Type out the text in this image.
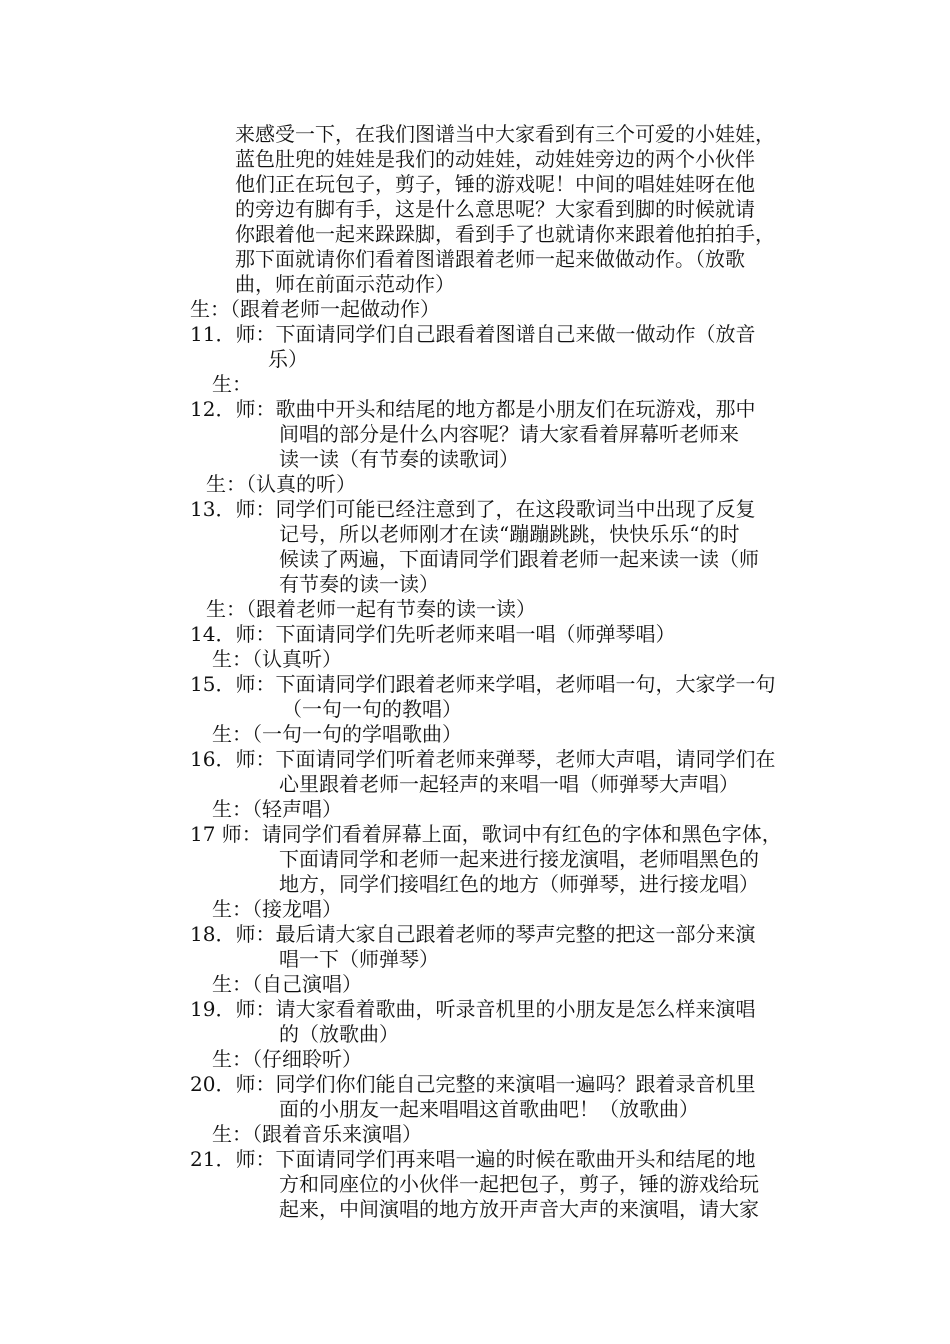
来感受一下，在我们图谱当中大家看到有三个可爱的小娃娃，
蓝色肚兜的娃娃是我们的动娃娃，动娃娃旁边的两个小伙伴
他们正在玩包子，剪子，锤的游戏呢！中间的唱娃娃呀在他
的旁边有脚有手，这是什么意思呢？大家看到脚的时候就请
你跟着他一起来跺跺脚，看到手了也就请你来跟着他拍拍手，
那下面就请你们看着图谱跟着老师一起来做做动作。（放歌
曲，师在前面示范动作）
生：（跟着老师一起做动作）
11．师：下面请同学们自己跟看着图谱自己来做一做动作（放音
乐）
生：
12．师：歌曲中开头和结尾的地方都是小朋友们在玩游戏，那中
间唱的部分是什么内容呢？请大家看着屏幕听老师来
读一读（有节奏的读歌词）
生：（认真的听）
13．师：同学们可能已经注意到了，在这段歌词当中出现了反复
记号，所以老师刚才在读“蹦蹦跳跳，快快乐乐“的时
候读了两遍，下面请同学们跟着老师一起来读一读（师
有节奏的读一读）
生：（跟着老师一起有节奏的读一读）
14．师：下面请同学们先听老师来唱一唱（师弹琴唱）
生：（认真听）
15．师：下面请同学们跟着老师来学唱，老师唱一句，大家学一句
（一句一句的教唱）
生：（一句一句的学唱歌曲）
16．师：下面请同学们听着老师来弹琴，老师大声唱，请同学们在
心里跟着老师一起轻声的来唱一唱（师弹琴大声唱）
生：（轻声唱）
17 师：请同学们看着屏幕上面，歌词中有红色的字体和黑色字体，
下面请同学和老师一起来进行接龙演唱，老师唱黑色的
地方，同学们接唱红色的地方（师弹琴，进行接龙唱）
生：（接龙唱）
18．师：最后请大家自己跟着老师的琴声完整的把这一部分来演
唱一下（师弹琴）
生：（自己演唱）
19．师：请大家看着歌曲，听录音机里的小朋友是怎么样来演唱
的（放歌曲）
生：（仔细聆听）
20．师：同学们你们能自己完整的来演唱一遍吗？跟着录音机里
面的小朋友一起来唱唱这首歌曲吧！（放歌曲）
生：（跟着音乐来演唱）
21．师：下面请同学们再来唱一遍的时候在歌曲开头和结尾的地
方和同座位的小伙伴一起把包子，剪子，锤的游戏给玩
起来，中间演唱的地方放开声音大声的来演唱，请大家
